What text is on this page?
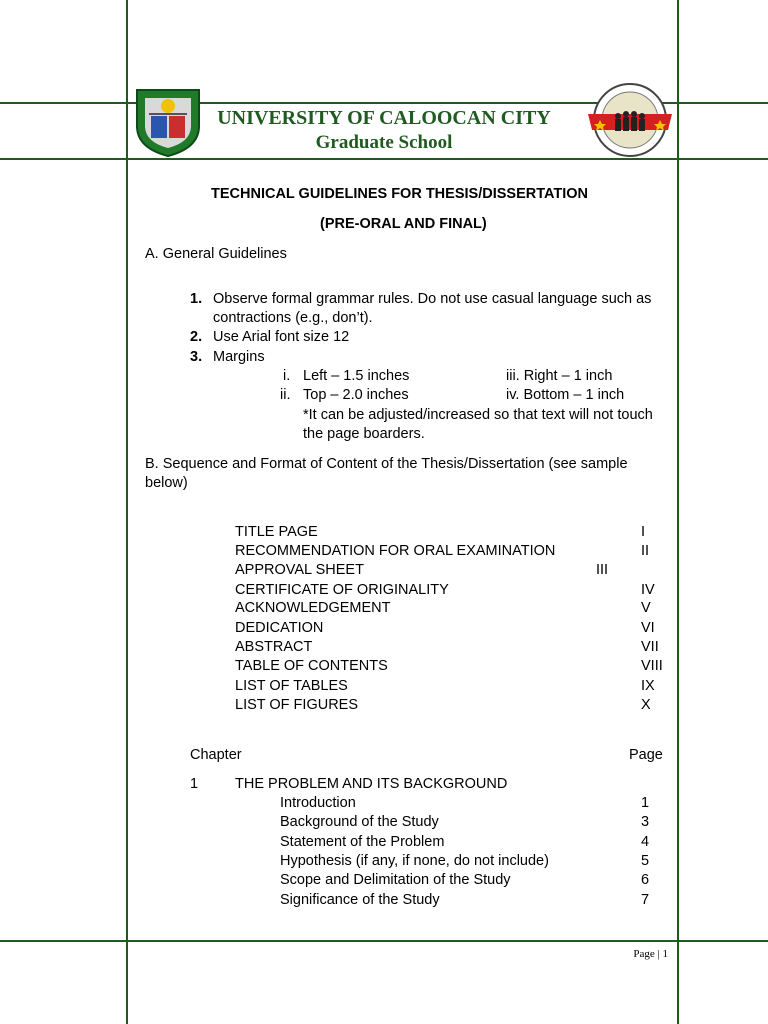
UNIVERSITY OF CALOOCAN CITY
Graduate School
TECHNICAL GUIDELINES FOR THESIS/DISSERTATION
(PRE-ORAL AND FINAL)
A. General Guidelines
1. Observe formal grammar rules. Do not use casual language such as
contractions (e.g., don’t).
2. Use Arial font size 12
3. Margins
i. Left – 1.5 inches	iii. Right – 1 inch
ii. Top – 2.0 inches	iv. Bottom – 1 inch
*It can be adjusted/increased so that text will not touch
the page boarders.
B. Sequence and Format of Content of the Thesis/Dissertation (see sample
below)
TITLE PAGE	I
RECOMMENDATION FOR ORAL EXAMINATION	II
APPROVAL SHEET	III
CERTIFICATE OF ORIGINALITY	IV
ACKNOWLEDGEMENT	V
DEDICATION	VI
ABSTRACT	VII
TABLE OF CONTENTS	VIII
LIST OF TABLES	IX
LIST OF FIGURES	X
Chapter	Page
1	THE PROBLEM AND ITS BACKGROUND
Introduction	1
Background of the Study	3
Statement of the Problem	4
Hypothesis (if any, if none, do not include)	5
Scope and Delimitation of the Study	6
Significance of the Study	7
Page | 1
